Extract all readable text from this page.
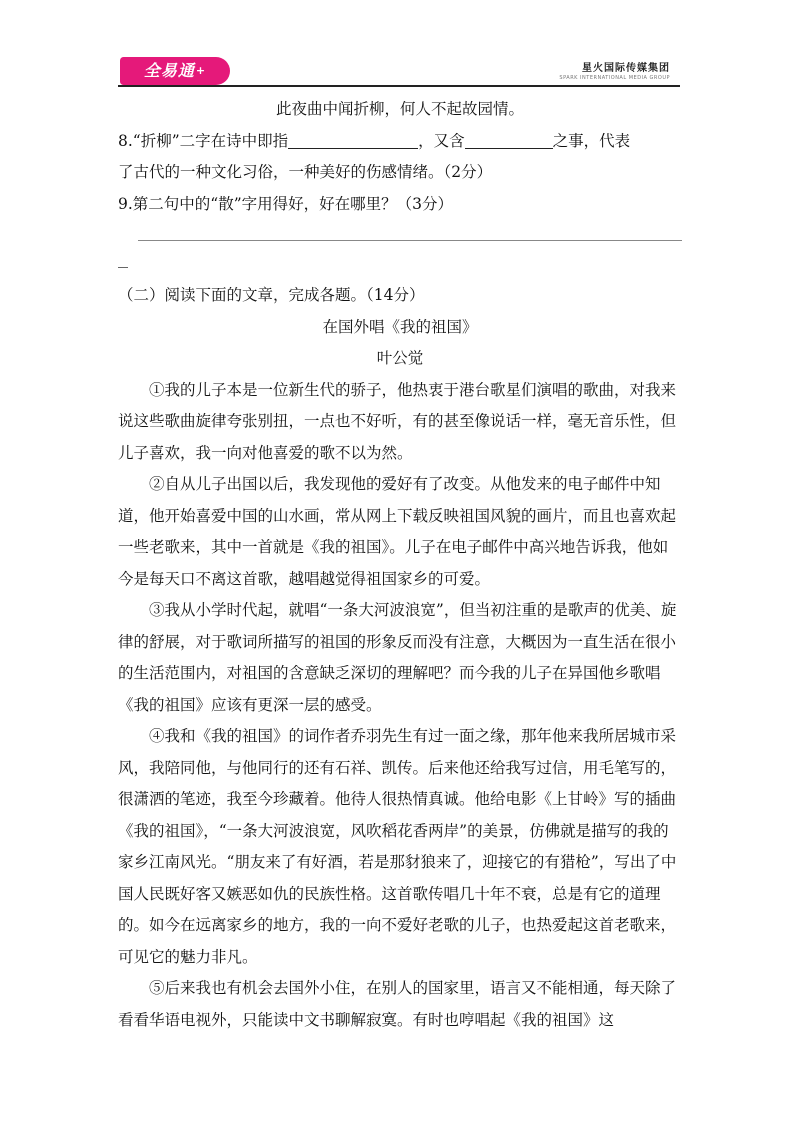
全易通+	星火国际传媒集团
SPARK INTERNATIONAL MEDIA GROUP

此夜曲中闻折柳，何人不起故园情。

8.“折柳”二字在诗中即指	，又含	之事，代表
了古代的一种文化习俗，一种美好的伤感情绪。（2分）

9.第二句中的“散”字用得好，好在哪里？（3分）

（二）阅读下面的文章，完成各题。（14分）

在国外唱《我的祖国》

叶公觉

①我的儿子本是一位新生代的骄子，他热衷于港台歌星们演唱的歌曲，对我来说这些歌曲旋律夸张别扭，一点也不好听，有的甚至像说话一样，毫无音乐性，但儿子喜欢，我一向对他喜爱的歌不以为然。

②自从儿子出国以后，我发现他的爱好有了改变。从他发来的电子邮件中知道，他开始喜爱中国的山水画，常从网上下载反映祖国风貌的画片，而且也喜欢起一些老歌来，其中一首就是《我的祖国》。儿子在电子邮件中高兴地告诉我，他如今是每天口不离这首歌，越唱越觉得祖国家乡的可爱。

③我从小学时代起，就唱“一条大河波浪宽”，但当初注重的是歌声的优美、旋律的舒展，对于歌词所描写的祖国的形象反而没有注意，大概因为一直生活在很小的生活范围内，对祖国的含意缺乏深切的理解吧？而今我的儿子在异国他乡歌唱《我的祖国》应该有更深一层的感受。

④我和《我的祖国》的词作者乔羽先生有过一面之缘，那年他来我所居城市采风，我陪同他，与他同行的还有石祥、凯传。后来他还给我写过信，用毛笔写的，很潇洒的笔迹，我至今珍藏着。他待人很热情真诚。他给电影《上甘岭》写的插曲《我的祖国》，“一条大河波浪宽，风吹稻花香两岸”的美景，仿佛就是描写的我的家乡江南风光。“朋友来了有好酒，若是那豺狼来了，迎接它的有猎枪”，写出了中国人民既好客又嫉恶如仇的民族性格。这首歌传唱几十年不衰，总是有它的道理的。如今在远离家乡的地方，我的一向不爱好老歌的儿子，也热爱起这首老歌来，可见它的魅力非凡。

⑤后来我也有机会去国外小住，在别人的国家里，语言又不能相通，每天除了看看华语电视外，只能读中文书聊解寂寞。有时也哼唱起《我的祖国》这
